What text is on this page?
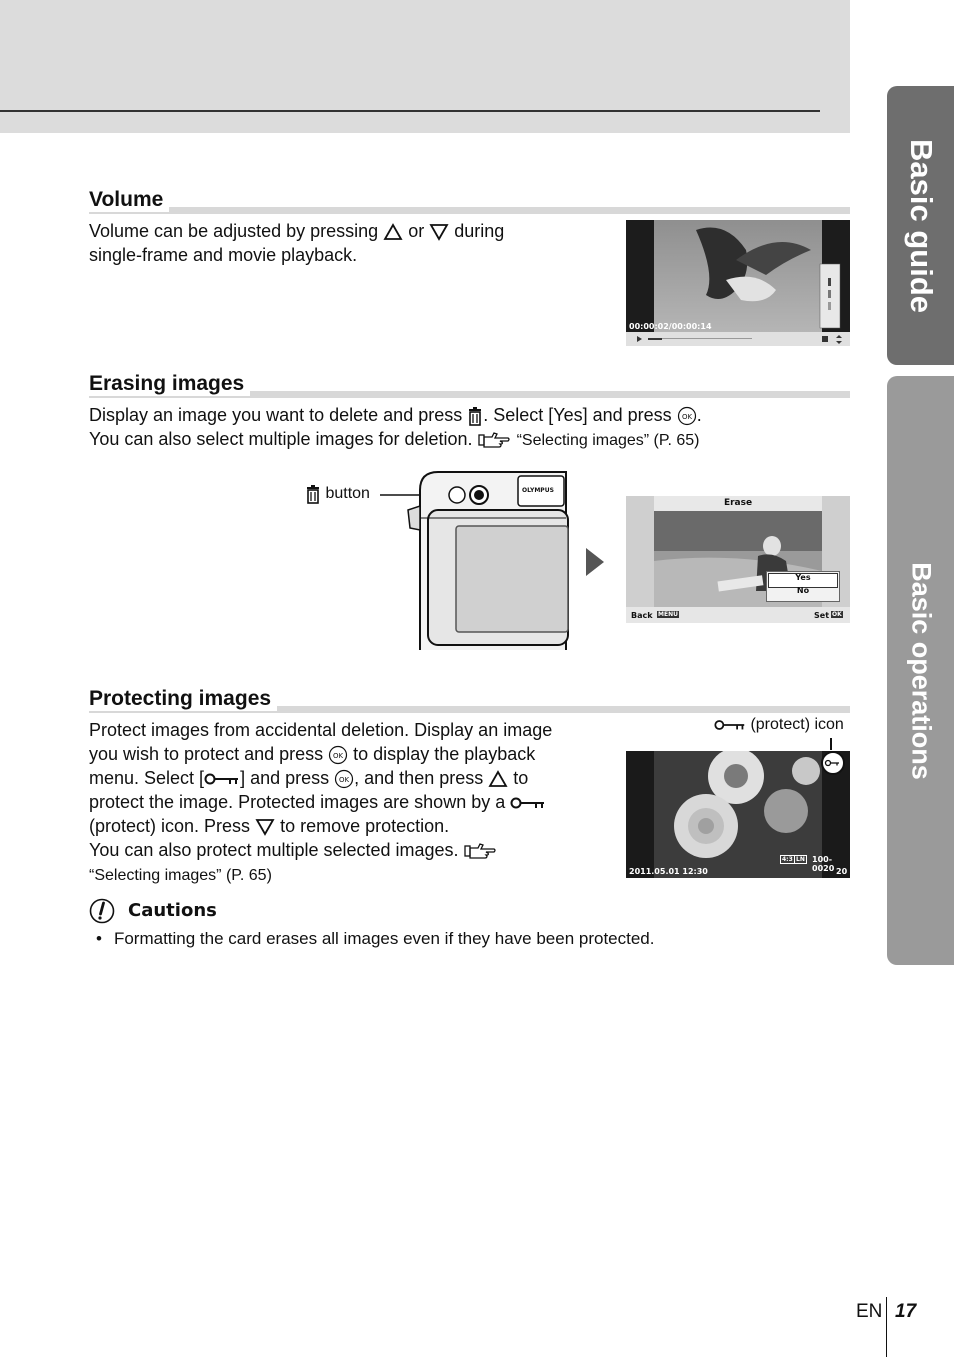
Basic guide
Basic operations
Volume
Volume can be adjusted by pressing or during
single-frame and movie playback.
00:00:02/00:00:14
Erasing images
Display an image you want to delete and press . Select [Yes] and press OK .
You can also select multiple images for deletion.	“Selecting images” (P. 65)
button	OLYMPUS
Erase
Yes
No
Back MENU	Set OK
Protecting images
Protect images from accidental deletion. Display an image
you wish to protect and press OK to display the playback
menu. Select [ ] and press OK , and then press to
protect the image. Protected images are shown by a
(protect) icon. Press to remove protection.
You can also protect multiple selected images.
“Selecting images” (P. 65)
(protect) icon
4:3 LN 100-0020
2011.05.01 12:30	20
Cautions
• Formatting the card erases all images even if they have been protected.
EN 17
